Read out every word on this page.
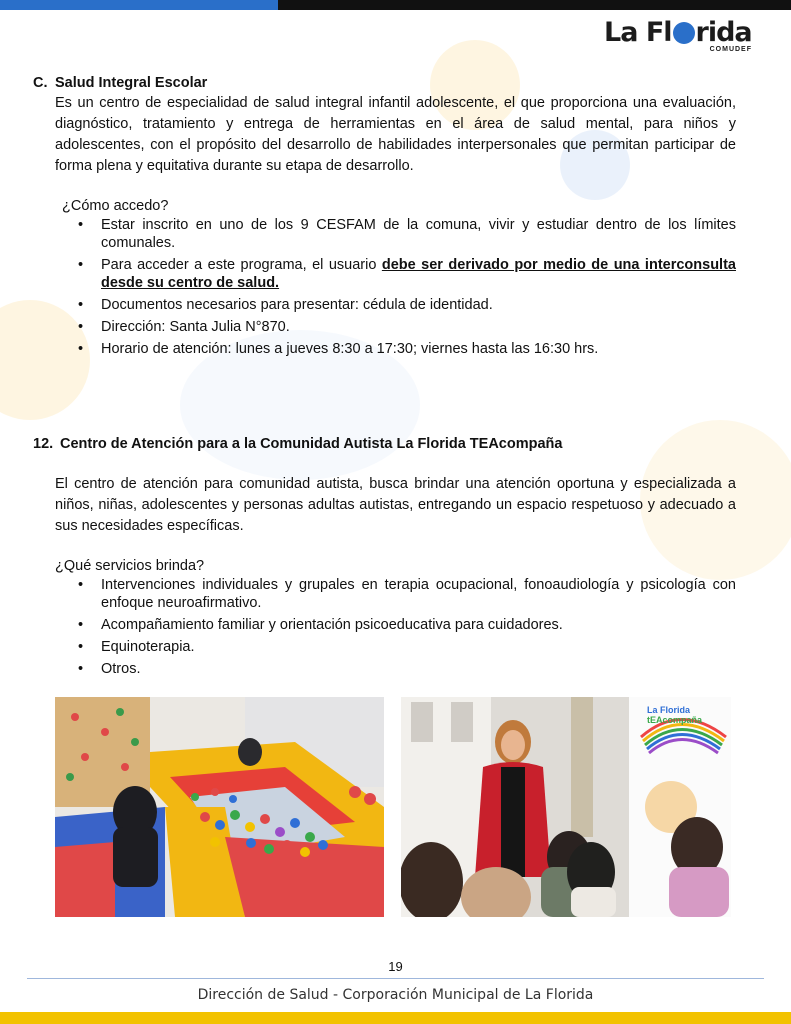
La Fl rida
COMUDEF
C. Salud Integral Escolar
Es un centro de especialidad de salud integral infantil adolescente, el que proporciona una evaluación, diagnóstico, tratamiento y entrega de herramientas en el área de salud mental, para niños y adolescentes, con el propósito del desarrollo de habilidades interpersonales que permitan participar de forma plena y equitativa durante su etapa de desarrollo.
¿Cómo accedo?
• Estar inscrito en uno de los 9 CESFAM de la comuna, vivir y estudiar dentro de los límites comunales.
• Para acceder a este programa, el usuario debe ser derivado por medio de una interconsulta desde su centro de salud.
• Documentos necesarios para presentar: cédula de identidad.
• Dirección: Santa Julia N°870.
• Horario de atención: lunes a jueves 8:30 a 17:30; viernes hasta las 16:30 hrs.
12. Centro de Atención para a la Comunidad Autista La Florida TEAcompaña
El centro de atención para comunidad autista, busca brindar una atención oportuna y especializada a niños, niñas, adolescentes y personas adultas autistas, entregando un espacio respetuoso y adecuado a sus necesidades específicas.
¿Qué servicios brinda?
• Intervenciones individuales y grupales en terapia ocupacional, fonoaudiología y psicología con enfoque neuroafirmativo.
• Acompañamiento familiar y orientación psicoeducativa para cuidadores.
• Equinoterapia.
• Otros.
La Florida
tEAcompaña
19
Dirección de Salud - Corporación Municipal de La Florida
